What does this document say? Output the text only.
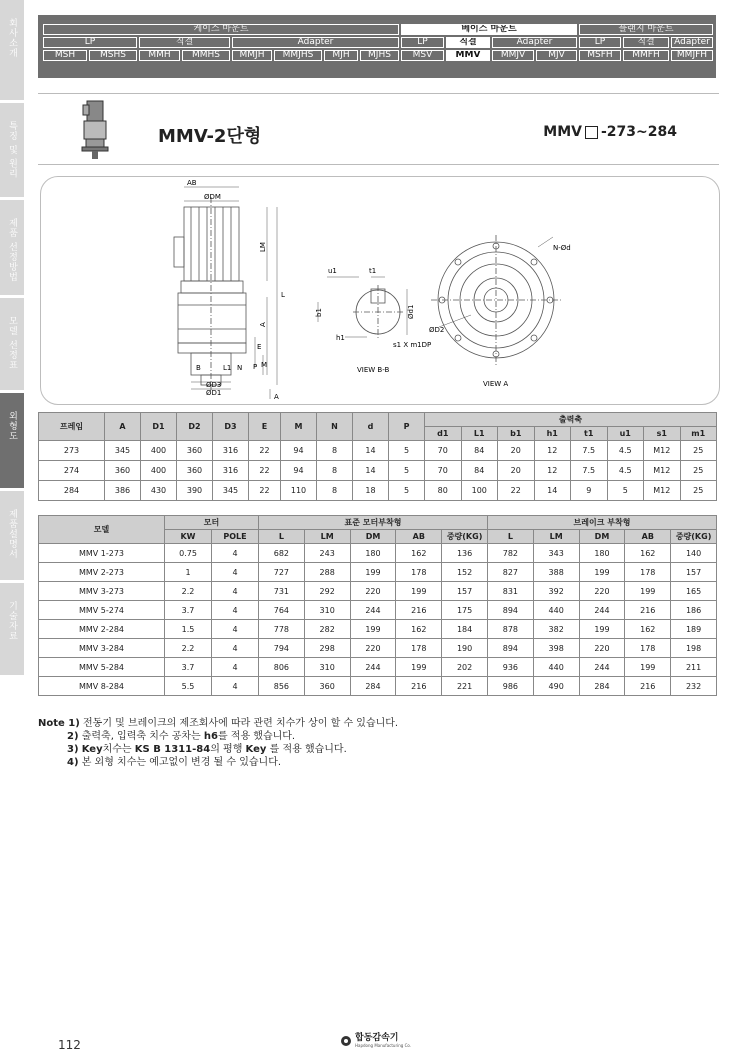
회사소개
특징 및 원리
제품 선정방법
모델 선정표
외형도
제품설명서
기술자료
케이스 마운트	베이스 마운트	플랜지 마운트
LP	직결	Adapter	LP	직결	Adapter	LP	직결	Adapter
MSH	MSHS	MMH	MMHS	MMJH	MMJHS	MJH	MJHS	MSV	MMV	MMJV	MJV	MSFH	MMFH	MMJFH
MMV-2단형	MMV -273~284
AB
ØDM
LM
L
A
E
P M
N
L1
B
ØD3
ØD1	A
u1	t1
b1
h1
Ød1
s1 X m1DP
VIEW B-B
N-Ød
ØD2
VIEW A
프레임	A	D1	D2	D3	E	M	N	d	P	출력축							
										d1	L1	b1	h1	t1	u1	s1	m1
273	345	400	360	316	22	94	8	14	5	70	84	20	12	7.5	4.5	M12	25
274	360	400	360	316	22	94	8	14	5	70	84	20	12	7.5	4.5	M12	25
284	386	430	390	345	22	110	8	18	5	80	100	22	14	9	5	M12	25
모델	모터		표준 모터부착형					브레이크 부착형				
	KW	POLE	L	LM	DM	AB	중량(KG)	L	LM	DM	AB	중량(KG)
MMV 1-273	0.75	4	682	243	180	162	136	782	343	180	162	140
MMV 2-273	1	4	727	288	199	178	152	827	388	199	178	157
MMV 3-273	2.2	4	731	292	220	199	157	831	392	220	199	165
MMV 5-274	3.7	4	764	310	244	216	175	894	440	244	216	186
MMV 2-284	1.5	4	778	282	199	162	184	878	382	199	162	189
MMV 3-284	2.2	4	794	298	220	178	190	894	398	220	178	198
MMV 5-284	3.7	4	806	310	244	199	202	936	440	244	199	211
MMV 8-284	5.5	4	856	360	284	216	221	986	490	284	216	232
Note 1) 전동기 및 브레이크의 제조회사에 따라 관련 치수가 상이 할 수 있습니다.
2) 출력축, 입력축 치수 공차는 h6를 적용 했습니다.
3) Key치수는 KS B 1311-84의 평행 Key 를 적용 했습니다.
4) 본 외형 치수는 예고없이 변경 될 수 있습니다.
112	합동감속기
Hapdong Manufacturing Co.
